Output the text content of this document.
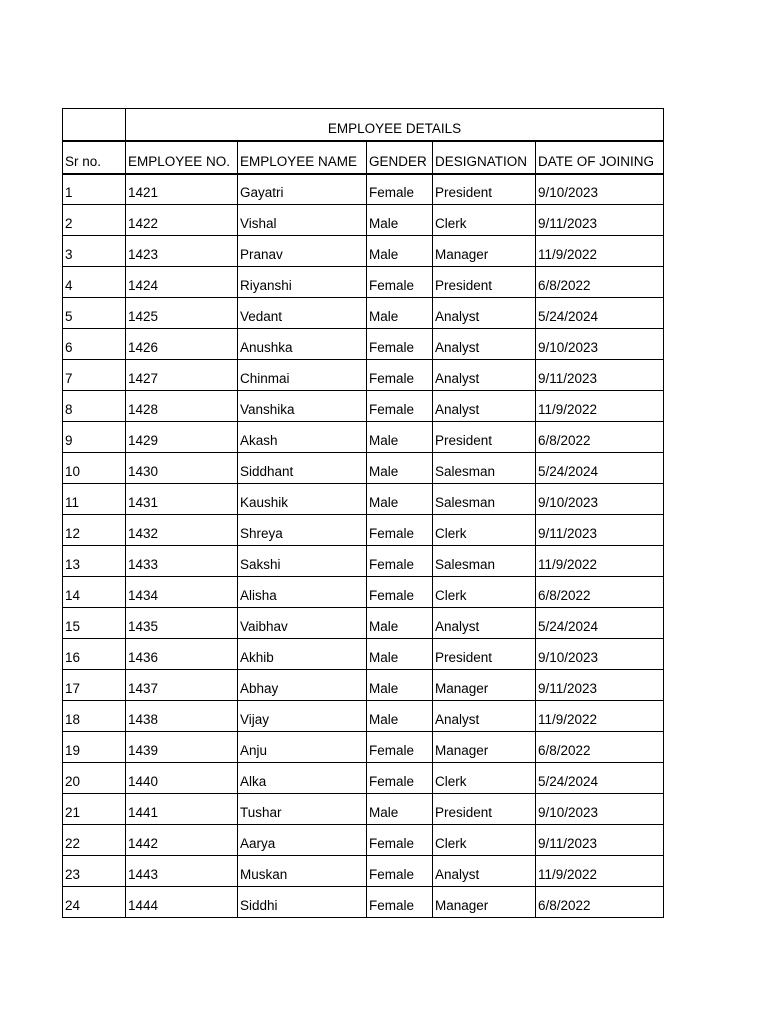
	EMPLOYEE DETAILS				
Sr no.	EMPLOYEE NO.	EMPLOYEE NAME	GENDER	DESIGNATION	DATE OF JOINING
1	1421	Gayatri	Female	President	9/10/2023
2	1422	Vishal	Male	Clerk	9/11/2023
3	1423	Pranav	Male	Manager	11/9/2022
4	1424	Riyanshi	Female	President	6/8/2022
5	1425	Vedant	Male	Analyst	5/24/2024
6	1426	Anushka	Female	Analyst	9/10/2023
7	1427	Chinmai	Female	Analyst	9/11/2023
8	1428	Vanshika	Female	Analyst	11/9/2022
9	1429	Akash	Male	President	6/8/2022
10	1430	Siddhant	Male	Salesman	5/24/2024
11	1431	Kaushik	Male	Salesman	9/10/2023
12	1432	Shreya	Female	Clerk	9/11/2023
13	1433	Sakshi	Female	Salesman	11/9/2022
14	1434	Alisha	Female	Clerk	6/8/2022
15	1435	Vaibhav	Male	Analyst	5/24/2024
16	1436	Akhib	Male	President	9/10/2023
17	1437	Abhay	Male	Manager	9/11/2023
18	1438	Vijay	Male	Analyst	11/9/2022
19	1439	Anju	Female	Manager	6/8/2022
20	1440	Alka	Female	Clerk	5/24/2024
21	1441	Tushar	Male	President	9/10/2023
22	1442	Aarya	Female	Clerk	9/11/2023
23	1443	Muskan	Female	Analyst	11/9/2022
24	1444	Siddhi	Female	Manager	6/8/2022
